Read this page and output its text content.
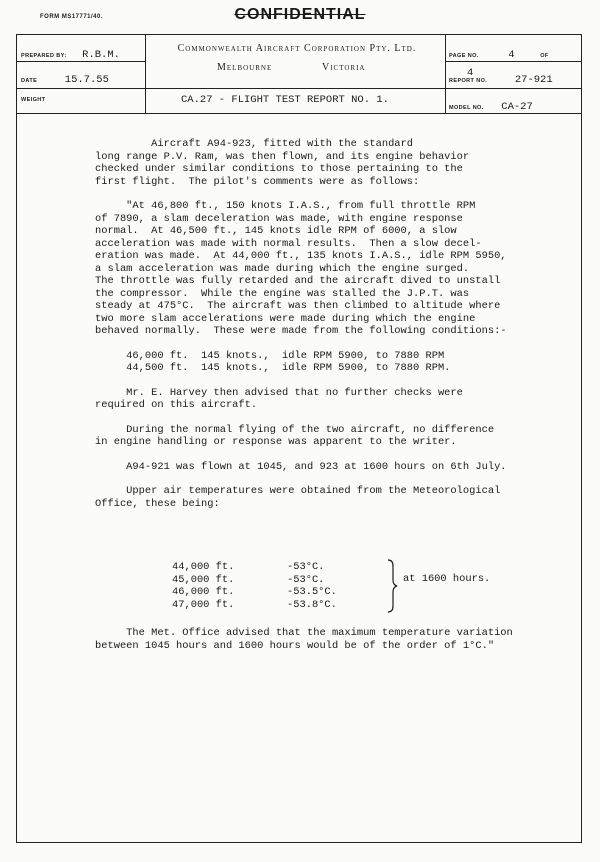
FORM MS17771/40.	CONFIDENTIAL
PREPARED BY: R.B.M.
DATE	15.7.55
WEIGHT
Commonwealth Aircraft Corporation Pty. Ltd.
Melbourne	Victoria
CA.27 - FLIGHT TEST REPORT NO. 1.
PAGE NO.	4	OF 4
REPORT NO.	27-921
MODEL NO. CA-27

Aircraft A94-923, fitted with the standard

long range P.V. Ram, was then flown, and its engine behavior

checked under similar conditions to those pertaining to the

first flight.  The pilot's comments were as follows:

"At 46,800 ft., 150 knots I.A.S., from full throttle RPM

of 7890, a slam deceleration was made, with engine response

normal.  At 46,500 ft., 145 knots idle RPM of 6000, a slow

acceleration was made with normal results.  Then a slow decel-

eration was made.  At 44,000 ft., 135 knots I.A.S., idle RPM 5950,

a slam acceleration was made during which the engine surged.

The throttle was fully retarded and the aircraft dived to unstall

the compressor.  While the engine was stalled the J.P.T. was

steady at 475°C.  The aircraft was then climbed to altitude where

two more slam accelerations were made during which the engine

behaved normally.  These were made from the following conditions:-

46,000 ft.  145 knots.,  idle RPM 5900, to 7880 RPM

44,500 ft.  145 knots.,  idle RPM 5900, to 7880 RPM.

Mr. E. Harvey then advised that no further checks were

required on this aircraft.

During the normal flying of the two aircraft, no difference

in engine handling or response was apparent to the writer.

A94-921 was flown at 1045, and 923 at 1600 hours on 6th July.

Upper air temperatures were obtained from the Meteorological

Office, these being:

44,000 ft.	-53°C.
45,000 ft.	-53°C.
46,000 ft.	-53.5°C.
47,000 ft.	-53.8°C.
at 1600 hours.

The Met. Office advised that the maximum temperature variation

between 1045 hours and 1600 hours would be of the order of 1°C."
